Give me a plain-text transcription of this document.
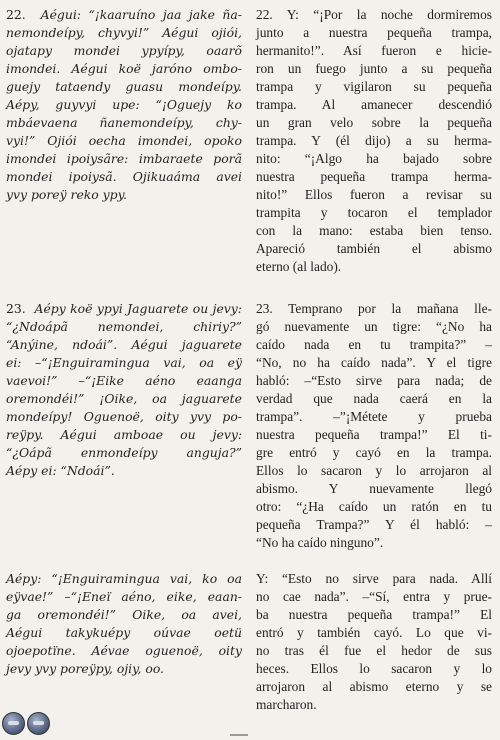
22. Aégui: “¡kaaruíno jaa jake ña-
nemondeípy, chyvyi!” Aégui ojiói,
ojatapy mondei ypyípy, oaarõ
imondei. Aégui koë jaróno ombo-
guejy tataendy guasu mondeípy.
Aépy, guyvyi upe: “¡Oguejy ko
mbáevaena ñanemondeípy, chy-
vyi!” Ojiói oecha imondei, opoko
imondei ipoiysãre: imbaraete porã
mondei ipoiysã. Ojikuaáma avei
yvy poreÿ reko ypy.
23. Aépy koë ypyi Jaguarete ou jevy:
“¿Ndoápã nemondei, chiriy?”
“Anýine, ndoái”. Aégui jaguarete
ei: –“¡Enguiramingua vai, oa eÿ
vaevoi!” –“¡Eike aéno eaanga
oremondéi!” ¡Oike, oa jaguarete
mondeípy! Oguenoë, oity yvy po-
reÿpy. Aégui amboae ou jevy:
“¿Oápã enmondeípy anguja?”
Aépy ei: “Ndoái”.
Aépy: “¡Enguiramingua vai, ko oa
eÿvae!” –“¡Eneï aéno, eike, eaan-
ga oremondéi!” Oike, oa avei,
Aégui takykuépy oúvae oetü
ojoepotïne. Aévae oguenoë, oity
jevy yvy poreÿpy, ojiy, oo.
22. Y: “¡Por la noche dormiremos
junto a nuestra pequeña trampa,
hermanito!”. Así fueron e hicie-
ron un fuego junto a su pequeña
trampa y vigilaron su pequeña
trampa. Al amanecer descendió
un gran velo sobre la pequeña
trampa. Y (él dijo) a su herma-
nito: “¡Algo ha bajado sobre
nuestra pequeña trampa herma-
nito!” Ellos fueron a revisar su
trampita y tocaron el templador
con la mano: estaba bien tenso.
Apareció también el abismo
eterno (al lado).
23. Temprano por la mañana lle-
gó nuevamente un tigre: “¿No ha
caído nada en tu trampita?” –
“No, no ha caído nada”. Y el tigre
habló: –“Esto sirve para nada; de
verdad que nada caerá en la
trampa”. –”¡Métete y prueba
nuestra pequeña trampa!” El ti-
gre entró y cayó en la trampa.
Ellos lo sacaron y lo arrojaron al
abismo. Y nuevamente llegó
otro: “¿Ha caído un ratón en tu
pequeña Trampa?” Y él habló: –
“No ha caído ninguno”.
Y: “Esto no sirve para nada. Allí
no cae nada”. –“Sí, entra y prue-
ba nuestra pequeña trampa!” El
entró y también cayó. Lo que vi-
no tras él fue el hedor de sus
heces. Ellos lo sacaron y lo
arrojaron al abismo eterno y se
marcharon.
